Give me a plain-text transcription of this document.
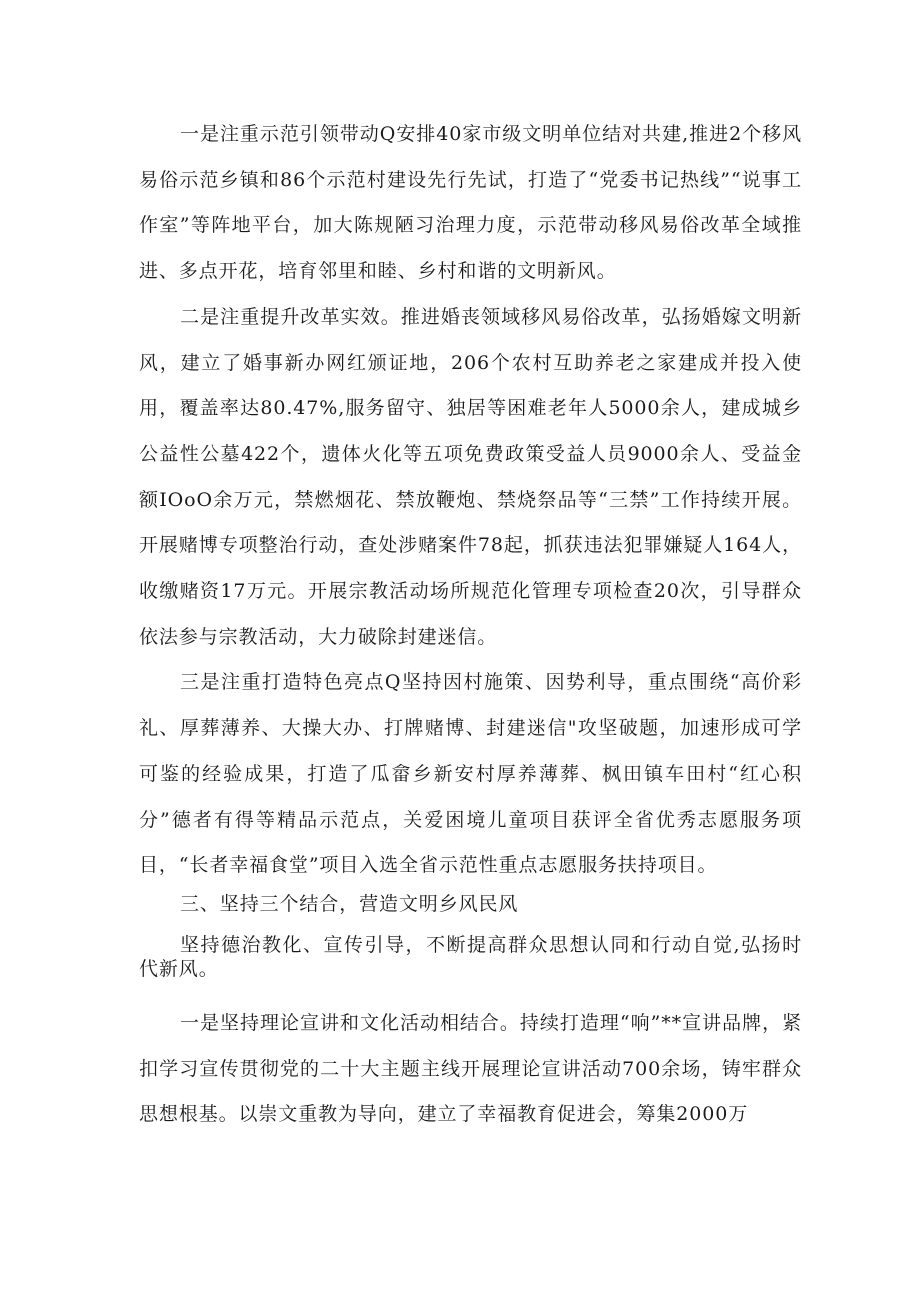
一是注重示范引领带动Q安排40家市级文明单位结对共建,推进2个移风易俗示范乡镇和86个示范村建设先行先试，打造了“党委书记热线”“说事工作室”等阵地平台，加大陈规陋习治理力度，示范带动移风易俗改革全域推进、多点开花，培育邻里和睦、乡村和谐的文明新风。

二是注重提升改革实效。推进婚丧领域移风易俗改革，弘扬婚嫁文明新风，建立了婚事新办网红颁证地，206个农村互助养老之家建成并投入使用，覆盖率达80.47%,服务留守、独居等困难老年人5000余人，建成城乡公益性公墓422个，遗体火化等五项免费政策受益人员9000余人、受益金额IOoO余万元，禁燃烟花、禁放鞭炮、禁烧祭品等“三禁”工作持续开展。开展赌博专项整治行动，查处涉赌案件78起，抓获违法犯罪嫌疑人164人，收缴赌资17万元。开展宗教活动场所规范化管理专项检查20次，引导群众依法参与宗教活动，大力破除封建迷信。

三是注重打造特色亮点Q坚持因村施策、因势利导，重点围绕“高价彩礼、厚葬薄养、大操大办、打牌赌博、封建迷信"攻坚破题，加速形成可学可鉴的经验成果，打造了瓜畲乡新安村厚养薄葬、枫田镇车田村“红心积分”德者有得等精品示范点，关爱困境儿童项目获评全省优秀志愿服务项目，“长者幸福食堂”项目入选全省示范性重点志愿服务扶持项目。

三、坚持三个结合，营造文明乡风民风

坚持德治教化、宣传引导，不断提高群众思想认同和行动自觉,弘扬时代新风。

一是坚持理论宣讲和文化活动相结合。持续打造理“响”**宣讲品牌，紧扣学习宣传贯彻党的二十大主题主线开展理论宣讲活动700余场，铸牢群众思想根基。以崇文重教为导向，建立了幸福教育促进会，筹集2000万
